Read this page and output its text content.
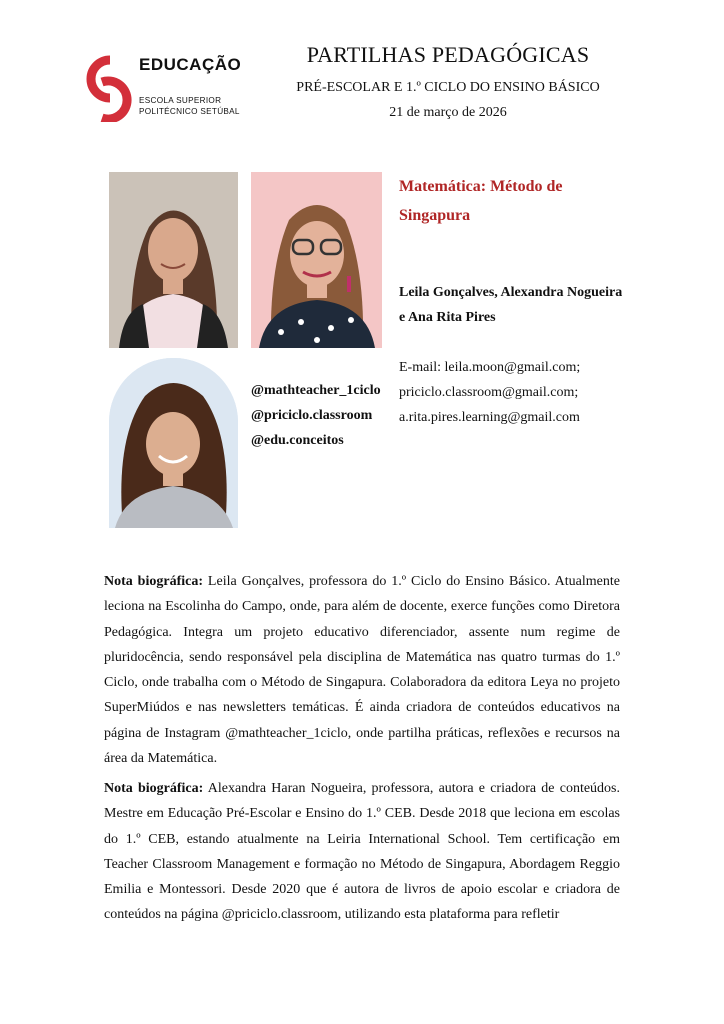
EDUCAÇÃO
ESCOLA SUPERIOR
POLITÉCNICO SETÚBAL
PARTILHAS PEDAGÓGICAS
PRÉ-ESCOLAR E 1.º CICLO DO ENSINO BÁSICO
21 de março de 2026
Matemática: Método de Singapura
Leila Gonçalves, Alexandra Nogueira e Ana Rita Pires
E-mail: leila.moon@gmail.com;
priciclo.classroom@gmail.com;
a.rita.pires.learning@gmail.com
@mathteacher_1ciclo
@priciclo.classroom
@edu.conceitos

Nota biográfica: Leila Gonçalves, professora do 1.º Ciclo do Ensino Básico. Atualmente leciona na Escolinha do Campo, onde, para além de docente, exerce funções como Diretora Pedagógica. Integra um projeto educativo diferenciador, assente num regime de pluridocência, sendo responsável pela disciplina de Matemática nas quatro turmas do 1.º Ciclo, onde trabalha com o Método de Singapura. Colaboradora da editora Leya no projeto SuperMiúdos e nas newsletters temáticas. É ainda criadora de conteúdos educativos na página de Instagram @mathteacher_1ciclo, onde partilha práticas, reflexões e recursos na área da Matemática.

Nota biográfica: Alexandra Haran Nogueira, professora, autora e criadora de conteúdos. Mestre em Educação Pré-Escolar e Ensino do 1.º CEB. Desde 2018 que leciona em escolas do 1.º CEB, estando atualmente na Leiria International School. Tem certificação em Teacher Classroom Management e formação no Método de Singapura, Abordagem Reggio Emilia e Montessori. Desde 2020 que é autora de livros de apoio escolar e criadora de conteúdos na página @priciclo.classroom, utilizando esta plataforma para refletir
